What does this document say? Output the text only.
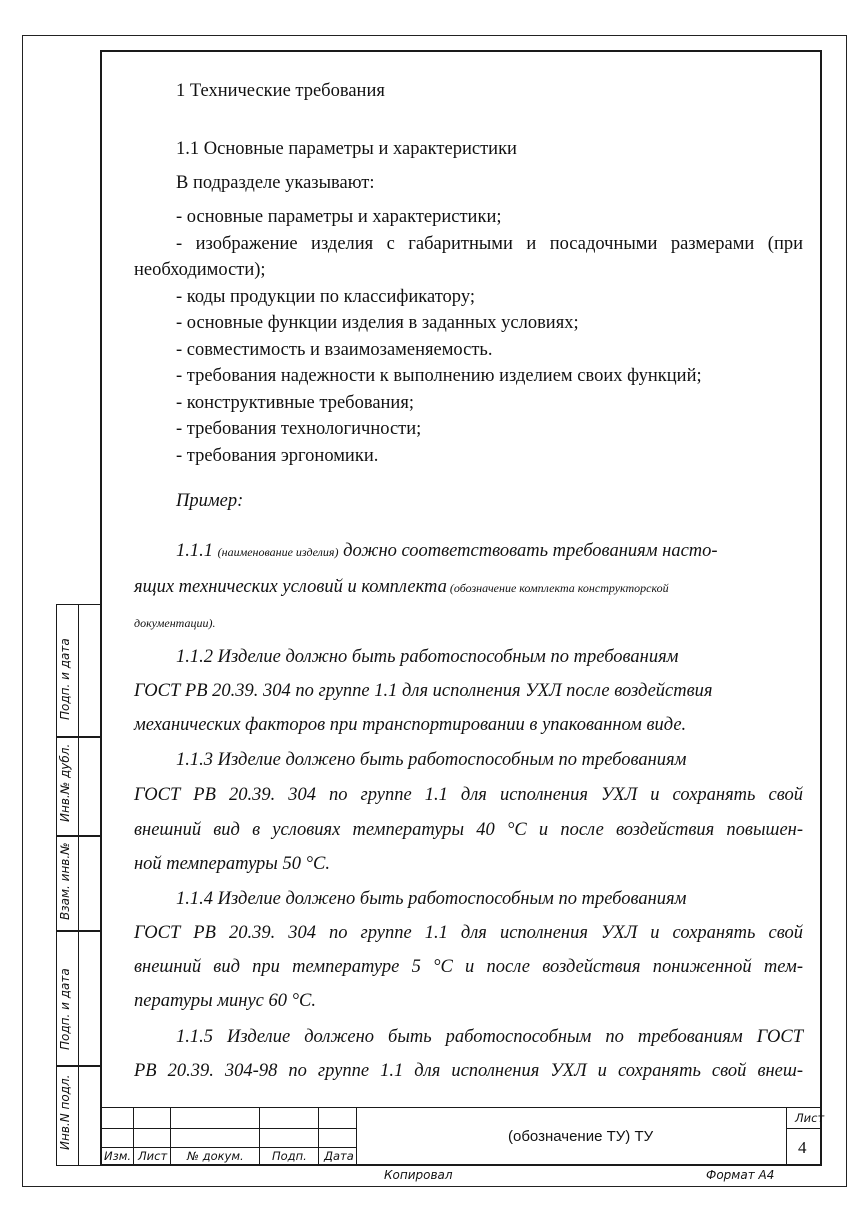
Подп. и дата
Инв.№ дубл.
Взам. инв.№
Подп. и дата
Инв.N подл.
1 Технические требования
1.1 Основные параметры и характеристики
В подразделе указывают:
- основные параметры и характеристики;
- изображение изделия с габаритными и посадочными размерами (при
необходимости);
- коды продукции по классификатору;
- основные функции изделия в заданных условиях;
- совместимость и взаимозаменяемость.
- требования надежности к выполнению изделием своих функций;
- конструктивные требования;
- требования технологичности;
- требования эргономики.
Пример:
1.1.1 (наименование изделия) дожно соответствовать требованиям насто-
ящих технических условий и комплекта (обозначение комплекта конструкторской
документации).
1.1.2 Изделие должно быть работоспособным по требованиям
ГОСТ РВ 20.39. 304 по группе 1.1 для исполнения УХЛ после воздействия
механических факторов при транспортировании в упакованном виде.
1.1.3 Изделие должено быть работоспособным по требованиям
ГОСТ РВ 20.39. 304 по группе 1.1 для исполнения УХЛ и сохранять свой
внешний вид в условиях температуры 40 °С и после воздействия повышен-
ной температуры 50 °С.
1.1.4 Изделие должено быть работоспособным по требованиям
ГОСТ РВ 20.39. 304 по группе 1.1 для исполнения УХЛ и сохранять свой
внешний вид при температуре 5 °С и после воздействия пониженной тем-
пературы минус 60 °С.
1.1.5 Изделие должено быть работоспособным по требованиям ГОСТ
РВ 20.39. 304-98 по группе 1.1 для исполнения УХЛ и сохранять свой внеш-
Изм. Лист № докум. Подп. Дата
(обозначение ТУ) ТУ
Лист
4
Копировал	Формат А4
